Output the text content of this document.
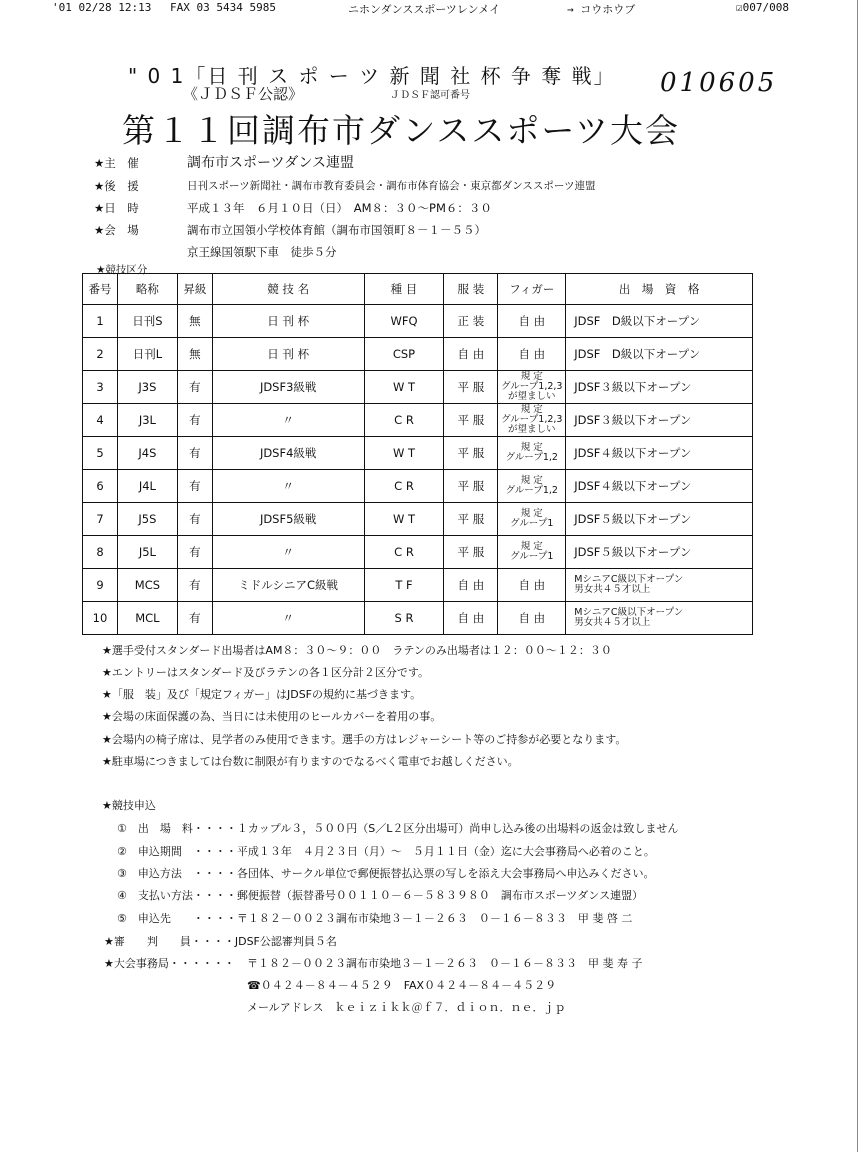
'01 02/28 12:13 FAX 03 5434 5985	ニホンダンススポーツレンメイ	→ コウホウブ	☑007/008
" 0 1「日 刊 ス ポ ー ツ 新 聞 社 杯 争 奪 戦」
《ＪＤＳＦ公認》	ＪＤＳＦ認可番号	010605
第１１回調布市ダンススポーツ大会
★主　催	調布市スポーツダンス連盟
★後　援	日刊スポーツ新聞社・調布市教育委員会・調布市体育協会・東京都ダンススポーツ連盟
★日　時	平成１３年　６月１０日（日）　AM８：３０～PM６：３０
★会　場	調布市立国領小学校体育館（調布市国領町８－１－５５）
京王線国領駅下車　徒歩５分
★競技区分
番号	略称	昇級	競 技 名	種 目	服 装	フィガー	出　場　資　格
1	日刊S	無	日 刊 杯	WFQ	正 装	自 由	JDSF　D級以下オープン
2	日刊L	無	日 刊 杯	CSP	自 由	自 由	JDSF　D級以下オープン
3	J3S	有	JDSF3級戦	W T	平 服	規 定
グループ1,2,3
が望ましい	JDSF３級以下オープン
4	J3L	有	〃	C R	平 服	規 定
グループ1,2,3
が望ましい	JDSF３級以下オープン
5	J4S	有	JDSF4級戦	W T	平 服	規 定
グループ1,2	JDSF４級以下オープン
6	J4L	有	〃	C R	平 服	規 定
グループ1,2	JDSF４級以下オープン
7	J5S	有	JDSF5級戦	W T	平 服	規 定
グループ1	JDSF５級以下オープン
8	J5L	有	〃	C R	平 服	規 定
グループ1	JDSF５級以下オープン
9	MCS	有	ミドルシニアC級戦	T F	自 由	自 由	MシニアC級以下オープン
男女共４５才以上
10	MCL	有	〃	S R	自 由	自 由	MシニアC級以下オープン
男女共４５才以上
★選手受付スタンダード出場者はAM８：３０～９：００　ラテンのみ出場者は１２：００～１２：３０
★エントリーはスタンダード及びラテンの各１区分計２区分です。
★「服　装」及び「規定フィガー」はJDSFの規約に基づきます。
★会場の床面保護の為、当日には未使用のヒールカバーを着用の事。
★会場内の椅子席は、見学者のみ使用できます。選手の方はレジャーシート等のご持参が必要となります。
★駐車場につきましては台数に制限が有りますのでなるべく電車でお越しください。
★競技申込
①　出　場　料・・・・１カップル３，５００円（S／L２区分出場可）尚申し込み後の出場料の返金は致しません
②　申込期間　・・・・平成１３年　４月２３日（月）～　５月１１日（金）迄に大会事務局へ必着のこと。
③　申込方法　・・・・各団体、サークル単位で郵便振替払込票の写しを添え大会事務局へ申込みください。
④　支払い方法・・・・郵便振替（振替番号００１１０－６－５８３９８０　調布市スポーツダンス連盟）
⑤　申込先　　・・・・〒１８２－００２３調布市染地３－１－２６３　０－１６－８３３　甲 斐 啓 二
★審　　判　　員・・・・JDSF公認審判員５名
★大会事務局・・・・・・ 〒１８２－００２３調布市染地３－１－２６３　０－１６－８３３　甲 斐 寿 子
☎０４２４－８４－４５２９　FAX０４２４－８４－４５２９
メールアドレス　ｋｅｉｚｉｋｋ＠ｆ７．ｄｉｏｎ．ｎｅ．ｊｐ
